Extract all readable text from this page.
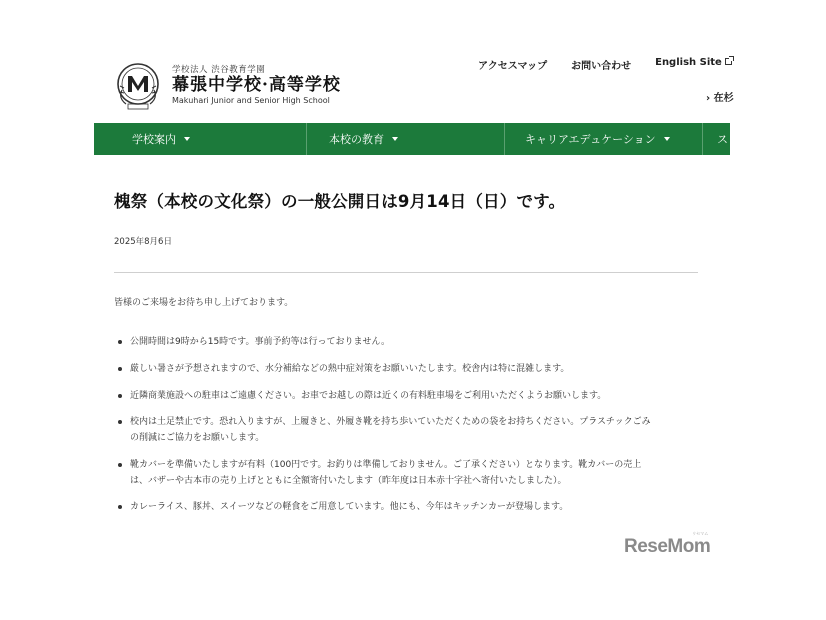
学校法人 渋谷教育学園
幕張中学校·高等学校
Makuhari Junior and Senior High School
アクセスマップ お問い合わせ English Site
› 在杉
学校案内	本校の教育	キャリアエデュケーション	ス
槐祭（本校の文化祭）の一般公開日は9月14日（日）です。
2025年8月6日

皆様のご来場をお待ち申し上げております。

公開時間は9時から15時です。事前予約等は行っておりません。
厳しい暑さが予想されますので、水分補給などの熱中症対策をお願いいたします。校舎内は特に混雑します。
近隣商業施設への駐車はご遠慮ください。お車でお越しの際は近くの有料駐車場をご利用いただくようお願いします。
校内は土足禁止です。恐れ入りますが、上履きと、外履き靴を持ち歩いていただくための袋をお持ちください。プラスチックごみ
の削減にご協力をお願いします。
靴カバーを準備いたしますが有料（100円です。お釣りは準備しておりません。ご了承ください）となります。靴カバーの売上
は、バザーや古本市の売り上げとともに全額寄付いたします（昨年度は日本赤十字社へ寄付いたしました）。
カレーライス、豚丼、スイーツなどの軽食をご用意しています。他にも、今年はキッチンカーが登場します。
ReseMom
リセマム
